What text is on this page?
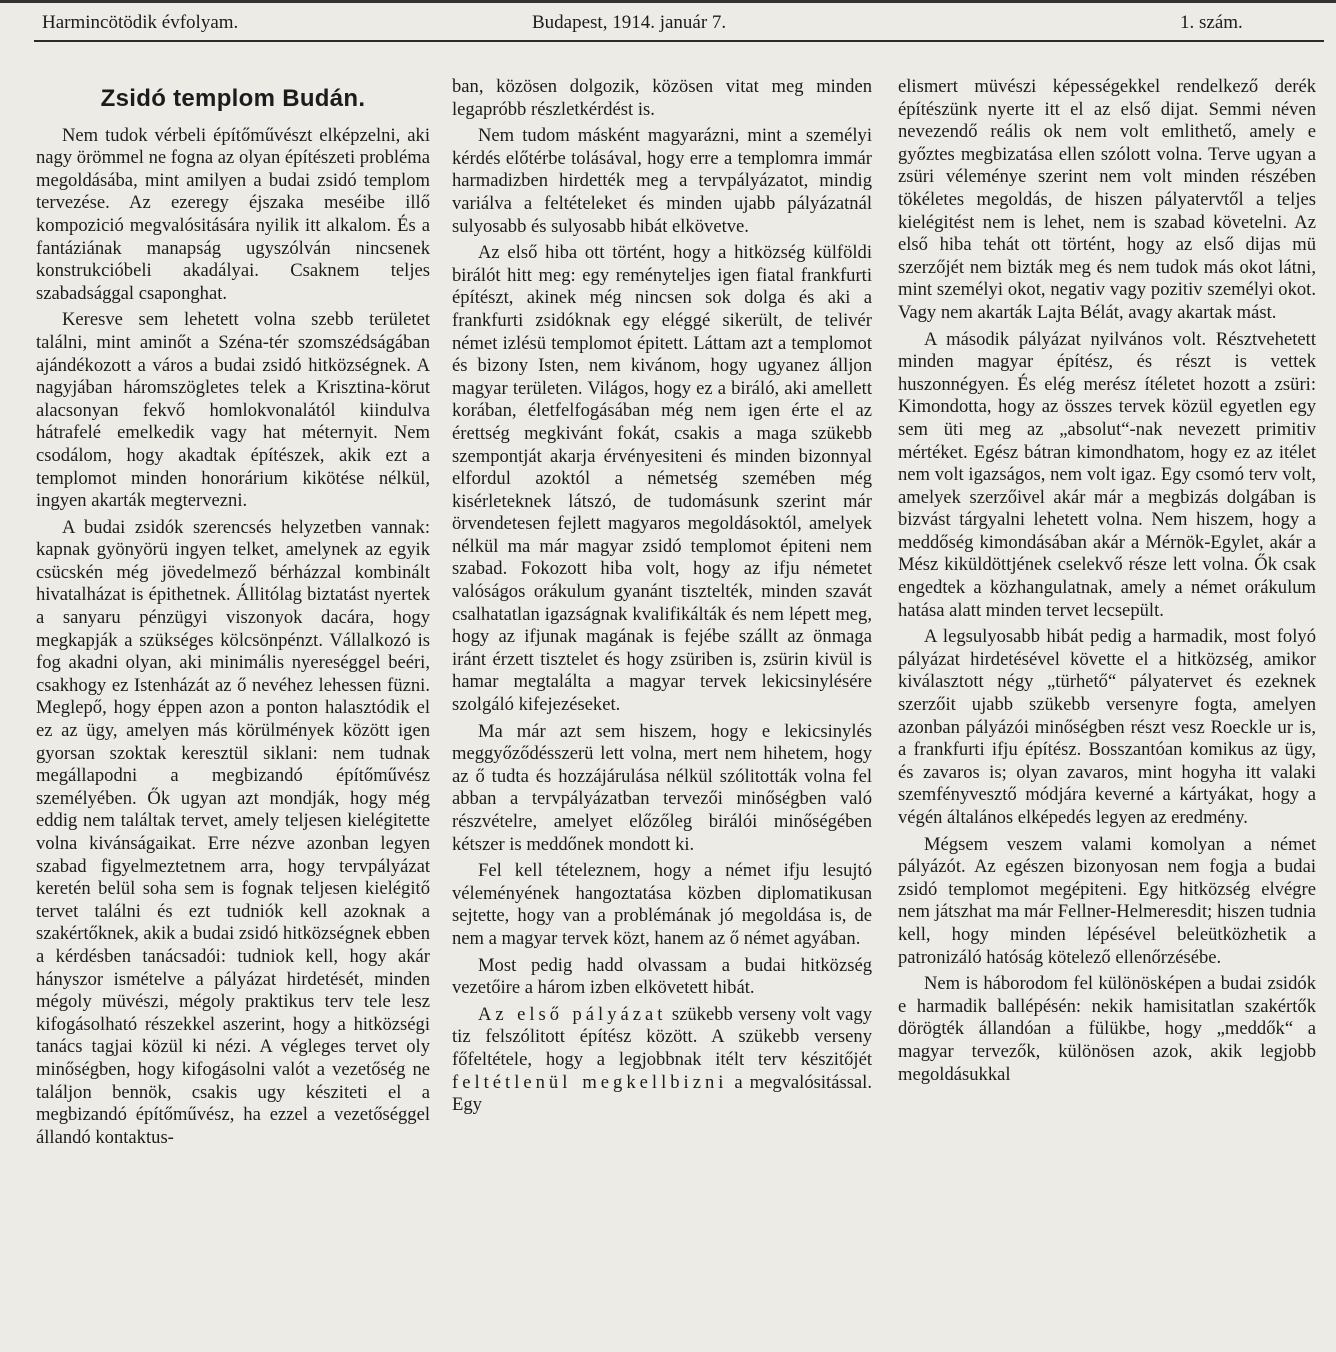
Harmincötödik évfolyam.	Budapest, 1914. január 7.	1. szám.
Zsidó templom Budán.

Nem tudok vérbeli építőművészt elképzelni, aki nagy örömmel ne fogna az olyan építészeti probléma megoldásába, mint amilyen a budai zsidó templom tervezése. Az ezeregy éjszaka meséibe illő kompozició megvalósitására nyilik itt alkalom. És a fantáziának manapság ugyszólván nincsenek konstrukcióbeli akadályai. Csaknem teljes szabadsággal csaponghat.

Keresve sem lehetett volna szebb területet találni, mint aminőt a Széna-tér szomszédságában ajándékozott a város a budai zsidó hitközségnek. A nagyjában háromszögletes telek a Krisztina-körut alacsonyan fekvő homlokvonalától kiindulva hátrafelé emelkedik vagy hat méternyit. Nem csodálom, hogy akadtak építészek, akik ezt a templomot minden honorárium kikötése nélkül, ingyen akarták megtervezni.

A budai zsidók szerencsés helyzetben vannak: kapnak gyönyörü ingyen telket, amelynek az egyik csücskén még jövedelmező bérházzal kombinált hivatalházat is épithetnek. Állitólag biztatást nyertek a sanyaru pénzügyi viszonyok dacára, hogy megkapják a szükséges kölcsönpénzt. Vállalkozó is fog akadni olyan, aki minimális nyereséggel beéri, csakhogy ez Istenházát az ő nevéhez lehessen füzni. Meglepő, hogy éppen azon a ponton halasztódik el ez az ügy, amelyen más körülmények között igen gyorsan szoktak keresztül siklani: nem tudnak megállapodni a megbizandó építőművész személyében. Ők ugyan azt mondják, hogy még eddig nem találtak tervet, amely teljesen kielégitette volna kivánságaikat. Erre nézve azonban legyen szabad figyelmeztetnem arra, hogy tervpályázat keretén belül soha sem is fognak teljesen kielégitő tervet találni és ezt tudniók kell azoknak a szakértőknek, akik a budai zsidó hitközségnek ebben a kérdésben tanácsadói: tudniok kell, hogy akár hányszor ismételve a pályázat hirdetését, minden mégoly müvészi, mégoly praktikus terv tele lesz kifogásolható részekkel aszerint, hogy a hitközségi tanács tagjai közül ki nézi. A végleges tervet oly minőségben, hogy kifogásolni valót a vezetőség ne találjon bennök, csakis ugy késziteti el a megbizandó építőművész, ha ezzel a vezetőséggel állandó kontaktus-

ban, közösen dolgozik, közösen vitat meg minden legapróbb részletkérdést is.

Nem tudom másként magyarázni, mint a személyi kérdés előtérbe tolásával, hogy erre a templomra immár harmadizben hirdették meg a tervpályázatot, mindig variálva a feltételeket és minden ujabb pályázatnál sulyosabb és sulyosabb hibát elkövetve.

Az első hiba ott történt, hogy a hitközség külföldi birálót hitt meg: egy reményteljes igen fiatal frankfurti építészt, akinek még nincsen sok dolga és aki a frankfurti zsidóknak egy eléggé sikerült, de telivér német izlésü templomot épitett. Láttam azt a templomot és bizony Isten, nem kivánom, hogy ugyanez álljon magyar területen. Világos, hogy ez a biráló, aki amellett korában, életfelfogásában még nem igen érte el az érettség megkivánt fokát, csakis a maga szükebb szempontját akarja érvényesiteni és minden bizonnyal elfordul azoktól a németség szemében még kisérleteknek látszó, de tudomásunk szerint már örvendetesen fejlett magyaros megoldásoktól, amelyek nélkül ma már magyar zsidó templomot épiteni nem szabad. Fokozott hiba volt, hogy az ifju németet valóságos orákulum gyanánt tisztelték, minden szavát csalhatatlan igazságnak kvalifikálták és nem lépett meg, hogy az ifjunak magának is fejébe szállt az önmaga iránt érzett tisztelet és hogy zsüriben is, zsürin kivül is hamar megtalálta a magyar tervek lekicsinylésére szolgáló kifejezéseket.

Ma már azt sem hiszem, hogy e lekicsinylés meggyőződésszerü lett volna, mert nem hihetem, hogy az ő tudta és hozzájárulása nélkül szólitották volna fel abban a tervpályázatban tervezői minőségben való részvételre, amelyet előzőleg birálói minőségében kétszer is meddőnek mondott ki.

Fel kell tételeznem, hogy a német ifju lesujtó véleményének hangoztatása közben diplomatikusan sejtette, hogy van a problémának jó megoldása is, de nem a magyar tervek közt, hanem az ő német agyában.

Most pedig hadd olvassam a budai hitközség vezetőire a három izben elkövetett hibát.

Az első pályázat szükebb verseny volt vagy tiz felszólitott építész között. A szükebb verseny főfeltétele, hogy a legjobbnak itélt terv készitőjét feltétlenül megkellbizni a megvalósitással. Egy

elismert müvészi képességekkel rendelkező derék építészünk nyerte itt el az első dijat. Semmi néven nevezendő reális ok nem volt emlithető, amely e győztes megbizatása ellen szólott volna. Terve ugyan a zsüri véleménye szerint nem volt minden részében tökéletes megoldás, de hiszen pályatervtől a teljes kielégitést nem is lehet, nem is szabad követelni. Az első hiba tehát ott történt, hogy az első dijas mü szerzőjét nem bizták meg és nem tudok más okot látni, mint személyi okot, negativ vagy pozitiv személyi okot. Vagy nem akarták Lajta Bélát, avagy akartak mást.

A második pályázat nyilvános volt. Résztvehetett minden magyar építész, és részt is vettek huszonnégyen. És elég merész ítéletet hozott a zsüri: Kimondotta, hogy az összes tervek közül egyetlen egy sem üti meg az „absolut“-nak nevezett primitiv mértéket. Egész bátran kimondhatom, hogy ez az itélet nem volt igazságos, nem volt igaz. Egy csomó terv volt, amelyek szerzőivel akár már a megbizás dolgában is bizvást tárgyalni lehetett volna. Nem hiszem, hogy a meddőség kimondásában akár a Mérnök-Egylet, akár a Mész kiküldöttjének cselekvő része lett volna. Ők csak engedtek a közhangulatnak, amely a német orákulum hatása alatt minden tervet lecsepült.

A legsulyosabb hibát pedig a harmadik, most folyó pályázat hirdetésével követte el a hitközség, amikor kiválasztott négy „türhető“ pályatervet és ezeknek szerzőit ujabb szükebb versenyre fogta, amelyen azonban pályázói minőségben részt vesz Roeckle ur is, a frankfurti ifju építész. Bosszantóan komikus az ügy, és zavaros is; olyan zavaros, mint hogyha itt valaki szemfényvesztő módjára keverné a kártyákat, hogy a végén általános elképedés legyen az eredmény.

Mégsem veszem valami komolyan a német pályázót. Az egészen bizonyosan nem fogja a budai zsidó templomot megépiteni. Egy hitközség elvégre nem játszhat ma már Fellner-Helmeresdit; hiszen tudnia kell, hogy minden lépésével beleütközhetik a patronizáló hatóság kötelező ellenőrzésébe.

Nem is háborodom fel különösképen a budai zsidók e harmadik ballépésén: nekik hamisitatlan szakértők dörögték állandóan a fülükbe, hogy „meddők“ a magyar tervezők, különösen azok, akik legjobb megoldásukkal
